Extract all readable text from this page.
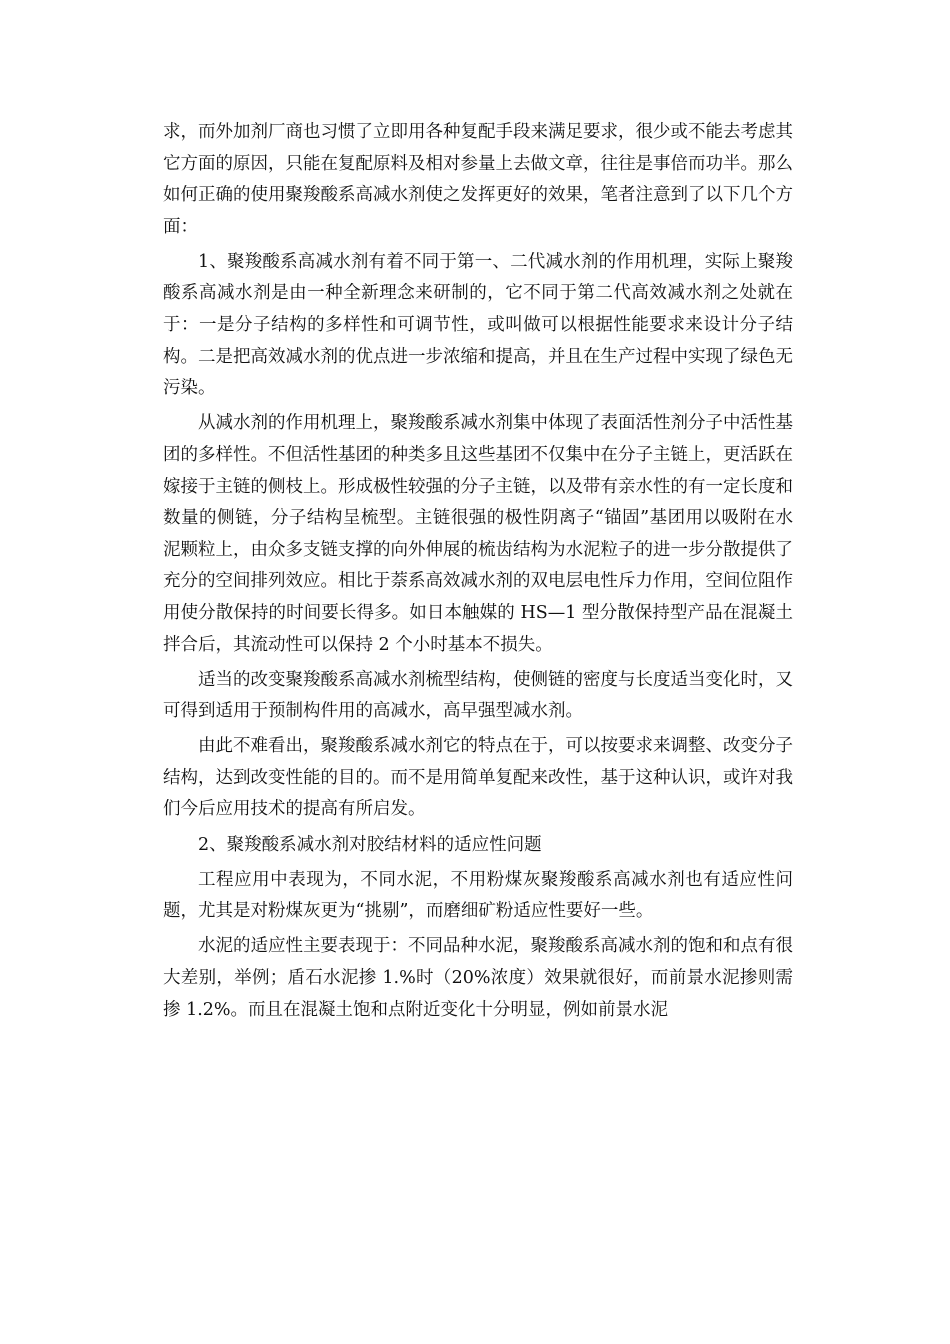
求，而外加剂厂商也习惯了立即用各种复配手段来满足要求，很少或不能去考虑其它方面的原因，只能在复配原料及相对参量上去做文章，往往是事倍而功半。那么如何正确的使用聚羧酸系高减水剂使之发挥更好的效果，笔者注意到了以下几个方面：

1、聚羧酸系高减水剂有着不同于第一、二代减水剂的作用机理，实际上聚羧酸系高减水剂是由一种全新理念来研制的，它不同于第二代高效减水剂之处就在于：一是分子结构的多样性和可调节性，或叫做可以根据性能要求来设计分子结构。二是把高效减水剂的优点进一步浓缩和提高，并且在生产过程中实现了绿色无污染。

从减水剂的作用机理上，聚羧酸系减水剂集中体现了表面活性剂分子中活性基团的多样性。不但活性基团的种类多且这些基团不仅集中在分子主链上，更活跃在嫁接于主链的侧枝上。形成极性较强的分子主链，以及带有亲水性的有一定长度和数量的侧链，分子结构呈梳型。主链很强的极性阴离子“锚固”基团用以吸附在水泥颗粒上，由众多支链支撑的向外伸展的梳齿结构为水泥粒子的进一步分散提供了充分的空间排列效应。相比于萘系高效减水剂的双电层电性斥力作用，空间位阻作用使分散保持的时间要长得多。如日本触媒的 HS—1 型分散保持型产品在混凝土拌合后，其流动性可以保持 2 个小时基本不损失。

适当的改变聚羧酸系高减水剂梳型结构，使侧链的密度与长度适当变化时，又可得到适用于预制构件用的高减水，高早强型减水剂。

由此不难看出，聚羧酸系减水剂它的特点在于，可以按要求来调整、改变分子结构，达到改变性能的目的。而不是用简单复配来改性，基于这种认识，或许对我们今后应用技术的提高有所启发。

2、聚羧酸系减水剂对胶结材料的适应性问题

工程应用中表现为，不同水泥，不用粉煤灰聚羧酸系高减水剂也有适应性问题，尤其是对粉煤灰更为“挑剔”，而磨细矿粉适应性要好一些。

水泥的适应性主要表现于：不同品种水泥，聚羧酸系高减水剂的饱和和点有很大差别，举例；盾石水泥掺 1.%时（20%浓度）效果就很好，而前景水泥掺则需掺 1.2%。而且在混凝土饱和点附近变化十分明显，例如前景水泥
